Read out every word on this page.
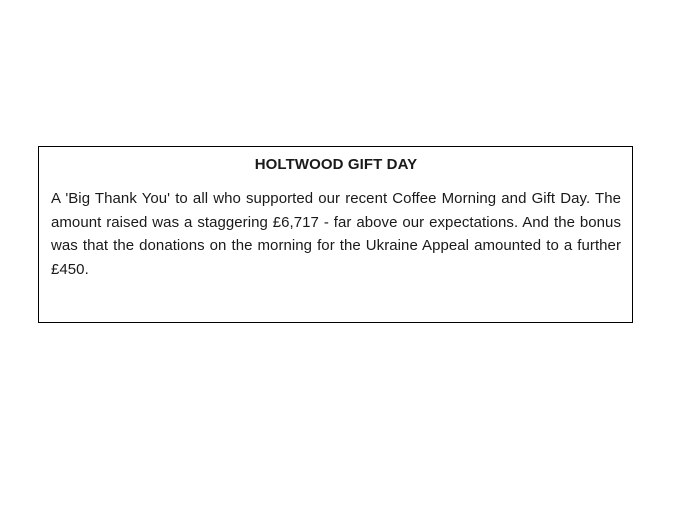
HOLTWOOD GIFT DAY

A 'Big Thank You' to all who supported our recent Coffee Morning and Gift Day. The amount raised was a staggering £6,717 - far above our expectations. And the bonus was that the donations on the morning for the Ukraine Appeal amounted to a further £450.
